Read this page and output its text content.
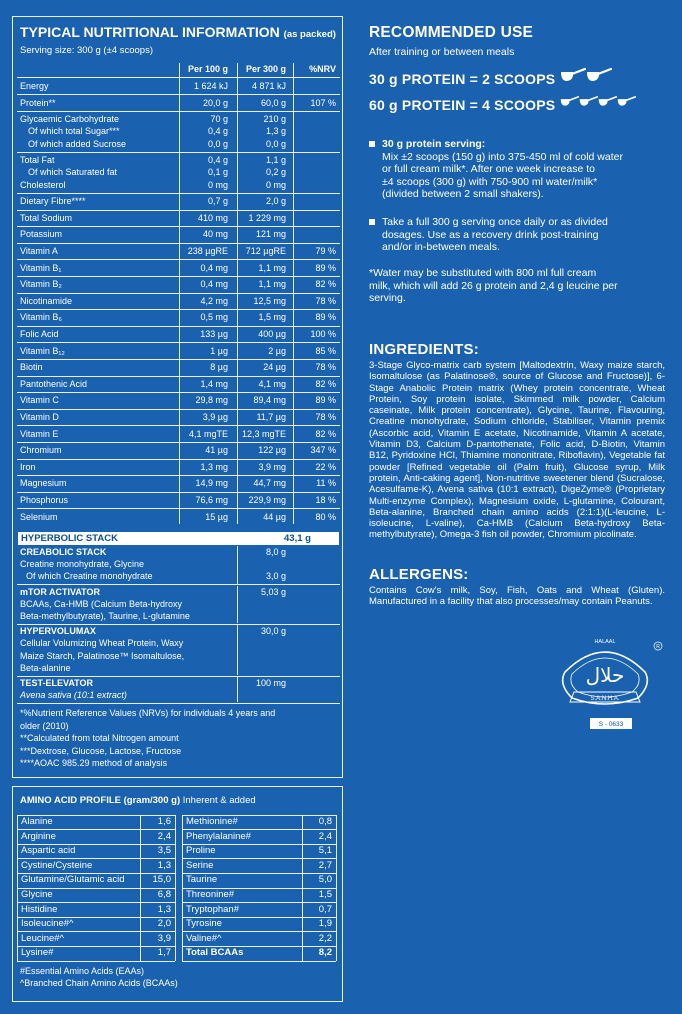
TYPICAL NUTRITIONAL INFORMATION (as packed)
Serving size: 300 g (±4 scoops)
Per 100 g	Per 300 g	%NRV
Energy	1 624 kJ	4 871 kJ
Protein**	20,0 g	60,0 g	107 %
Glycaemic Carbohydrate	70 g	210 g
Of which total Sugar***	0,4 g	1,3 g
Of which added Sucrose	0,0 g	0,0 g
Total Fat	0,4 g	1,1 g
Of which Saturated fat	0,1 g	0,2 g
Cholesterol	0 mg	0 mg
Dietary Fibre****	0,7 g	2,0 g
Total Sodium	410 mg	1 229 mg
Potassium	40 mg	121 mg
Vitamin A	238 µgRE	712 µgRE	79 %
Vitamin B₁	0,4 mg	1,1 mg	89 %
Vitamin B₂	0,4 mg	1,1 mg	82 %
Nicotinamide	4,2 mg	12,5 mg	78 %
Vitamin B₆	0,5 mg	1,5 mg	89 %
Folic Acid	133 µg	400 µg	100 %
Vitamin B₁₂	1 µg	2 µg	85 %
Biotin	8 µg	24 µg	78 %
Pantothenic Acid	1,4 mg	4,1 mg	82 %
Vitamin C	29,8 mg	89,4 mg	89 %
Vitamin D	3,9 µg	11,7 µg	78 %
Vitamin E	4,1 mgTE	12,3 mgTE	82 %
Chromium	41 µg	122 µg	347 %
Iron	1,3 mg	3,9 mg	22 %
Magnesium	14,9 mg	44,7 mg	11 %
Phosphorus	76,6 mg	229,9 mg	18 %
Selenium	15 µg	44 µg	80 %
HYPERBOLIC STACK	43,1 g
CREABOLIC STACK	8,0 g
Creatine monohydrate, Glycine
Of which Creatine monohydrate	3,0 g
mTOR ACTIVATOR	5,03 g
BCAAs, Ca-HMB (Calcium Beta-hydroxy
Beta-methylbutyrate), Taurine, L-glutamine
HYPERVOLUMAX	30,0 g
Cellular Volumizing Wheat Protein, Waxy
Maize Starch, Palatinose™ Isomaltulose,
Beta-alanine
TEST-ELEVATOR	100 mg
Avena sativa (10:1 extract)
*%Nutrient Reference Values (NRVs) for individuals 4 years and
older (2010)
**Calculated from total Nitrogen amount
***Dextrose, Glucose, Lactose, Fructose
****AOAC 985.29 method of analysis
AMINO ACID PROFILE (gram/300 g) Inherent & added
Alanine	1,6
Arginine	2,4
Aspartic acid	3,5
Cystine/Cysteine	1,3
Glutamine/Glutamic acid	15,0
Glycine	6,8
Histidine	1,3
Isoleucine#^	2,0
Leucine#^	3,9
Lysine#	1,7
Methionine#	0,8
Phenylalanine#	2,4
Proline	5,1
Serine	2,7
Taurine	5,0
Threonine#	1,5
Tryptophan#	0,7
Tyrosine	1,9
Valine#^	2,2
Total BCAAs	8,2
#Essential Amino Acids (EAAs)
^Branched Chain Amino Acids (BCAAs)
RECOMMENDED USE
After training or between meals
30 g PROTEIN = 2 SCOOPS
60 g PROTEIN = 4 SCOOPS
30 g protein serving:
Mix ±2 scoops (150 g) into 375-450 ml of cold water
or full cream milk*. After one week increase to
±4 scoops (300 g) with 750-900 ml water/milk*
(divided between 2 small shakers).
Take a full 300 g serving once daily or as divided
dosages. Use as a recovery drink post-training
and/or in-between meals.
*Water may be substituted with 800 ml full cream
milk, which will add 26 g protein and 2,4 g leucine per
serving.
INGREDIENTS:
3-Stage Glyco-matrix carb system [Maltodextrin, Waxy maize starch, Isomaltulose (as Palatinose®, source of Glucose and Fructose)], 6-Stage Anabolic Protein matrix (Whey protein concentrate, Wheat Protein, Soy protein isolate, Skimmed milk powder, Calcium caseinate, Milk protein concentrate), Glycine, Taurine, Flavouring, Creatine monohydrate, Sodium chloride, Stabiliser, Vitamin premix (Ascorbic acid, Vitamin E acetate, Nicotinamide, Vitamin A acetate, Vitamin D3, Calcium D-pantothenate, Folic acid, D-Biotin, Vitamin B12, Pyridoxine HCl, Thiamine mononitrate, Riboflavin), Vegetable fat powder [Refined vegetable oil (Palm fruit), Glucose syrup, Milk protein, Anti-caking agent], Non-nutritive sweetener blend (Sucralose, Acesulfame-K), Avena sativa (10:1 extract), DigeZyme® (Proprietary Multi-enzyme Complex), Magnesium oxide, L-glutamine, Colourant, Beta-alanine, Branched chain amino acids (2:1:1)(L-leucine, L-isoleucine, L-valine), Ca-HMB (Calcium Beta-hydroxy Beta-methylbutyrate), Omega-3 fish oil powder, Chromium picolinate.
ALLERGENS:
Contains Cow's milk, Soy, Fish, Oats and Wheat (Gluten). Manufactured in a facility that also processes/may contain Peanuts.
HALAAL
حلال
S.A.N.H.A.
R
S - 0633
